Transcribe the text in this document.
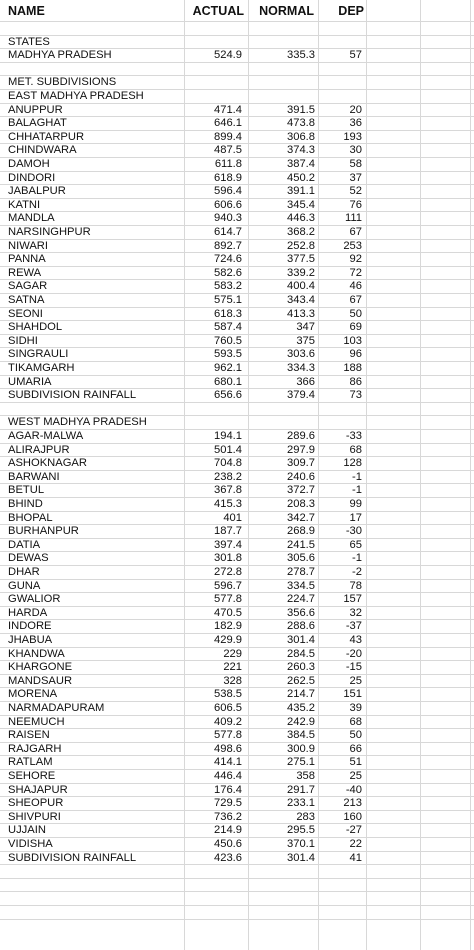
NAME	ACTUAL	NORMAL	DEP
STATES
MADHYA PRADESH	524.9	335.3	57
MET. SUBDIVISIONS
EAST MADHYA PRADESH
ANUPPUR	471.4	391.5	20
BALAGHAT	646.1	473.8	36
CHHATARPUR	899.4	306.8	193
CHINDWARA	487.5	374.3	30
DAMOH	611.8	387.4	58
DINDORI	618.9	450.2	37
JABALPUR	596.4	391.1	52
KATNI	606.6	345.4	76
MANDLA	940.3	446.3	111
NARSINGHPUR	614.7	368.2	67
NIWARI	892.7	252.8	253
PANNA	724.6	377.5	92
REWA	582.6	339.2	72
SAGAR	583.2	400.4	46
SATNA	575.1	343.4	67
SEONI	618.3	413.3	50
SHAHDOL	587.4	347	69
SIDHI	760.5	375	103
SINGRAULI	593.5	303.6	96
TIKAMGARH	962.1	334.3	188
UMARIA	680.1	366	86
SUBDIVISION RAINFALL	656.6	379.4	73
WEST MADHYA PRADESH
AGAR-MALWA	194.1	289.6	-33
ALIRAJPUR	501.4	297.9	68
ASHOKNAGAR	704.8	309.7	128
BARWANI	238.2	240.6	-1
BETUL	367.8	372.7	-1
BHIND	415.3	208.3	99
BHOPAL	401	342.7	17
BURHANPUR	187.7	268.9	-30
DATIA	397.4	241.5	65
DEWAS	301.8	305.6	-1
DHAR	272.8	278.7	-2
GUNA	596.7	334.5	78
GWALIOR	577.8	224.7	157
HARDA	470.5	356.6	32
INDORE	182.9	288.6	-37
JHABUA	429.9	301.4	43
KHANDWA	229	284.5	-20
KHARGONE	221	260.3	-15
MANDSAUR	328	262.5	25
MORENA	538.5	214.7	151
NARMADAPURAM	606.5	435.2	39
NEEMUCH	409.2	242.9	68
RAISEN	577.8	384.5	50
RAJGARH	498.6	300.9	66
RATLAM	414.1	275.1	51
SEHORE	446.4	358	25
SHAJAPUR	176.4	291.7	-40
SHEOPUR	729.5	233.1	213
SHIVPURI	736.2	283	160
UJJAIN	214.9	295.5	-27
VIDISHA	450.6	370.1	22
SUBDIVISION RAINFALL	423.6	301.4	41
